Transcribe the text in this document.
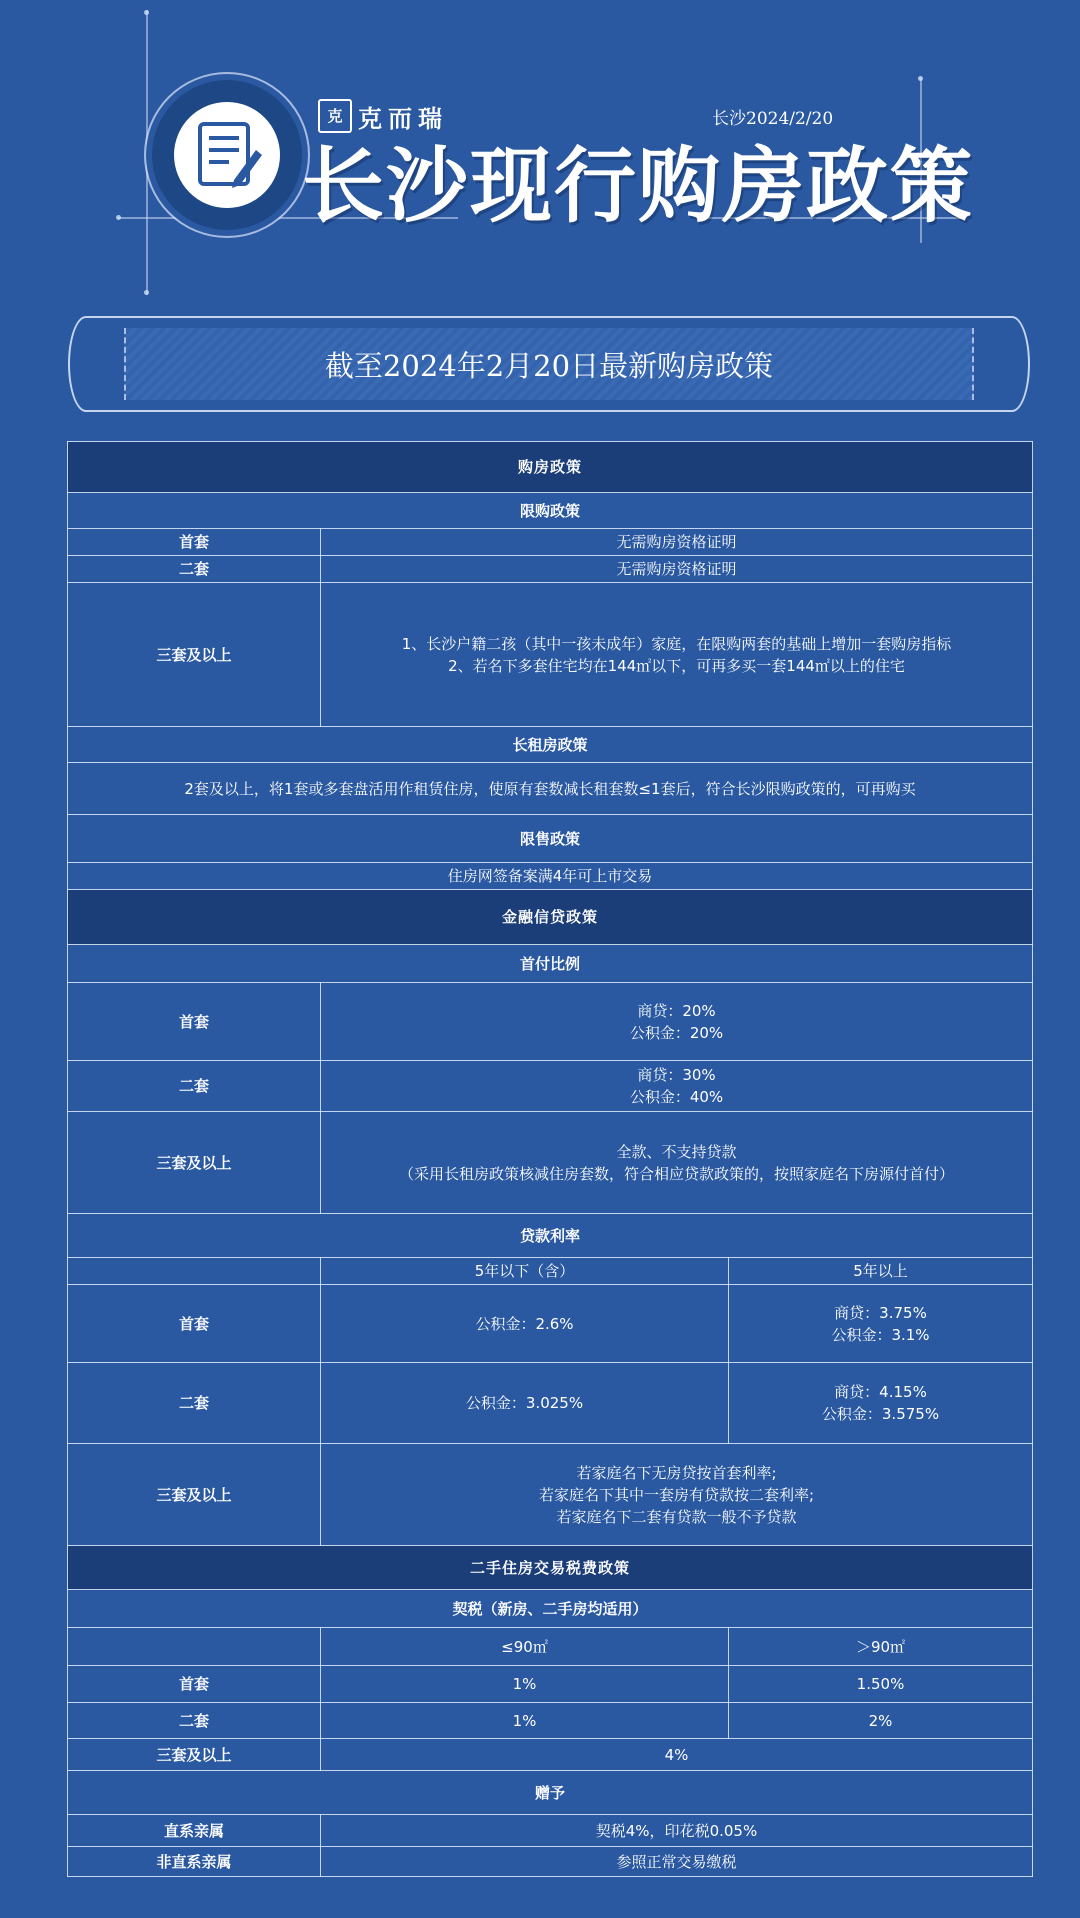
克 克而瑞	长沙2024/2/20
长沙现行购房政策
截至2024年2月20日最新购房政策
购房政策		
限购政策		
首套	无需购房资格证明	
二套	无需购房资格证明	
三套及以上	1、长沙户籍二孩（其中一孩未成年）家庭，在限购两套的基础上增加一套购房指标
2、若名下多套住宅均在144㎡以下，可再多买一套144㎡以上的住宅	

长租房政策		
2套及以上，将1套或多套盘活用作租赁住房，使原有套数减长租套数≤1套后，符合长沙限购政策的，可再购买		
限售政策		
住房网签备案满4年可上市交易		
金融信贷政策		
首付比例		
首套	商贷：20%
公积金：20%	

二套	商贷：30%
公积金：40%	

三套及以上	全款、不支持贷款
（采用长租房政策核减住房套数，符合相应贷款政策的，按照家庭名下房源付首付）	

贷款利率		
	5年以下（含）	5年以上
首套	公积金：2.6%	商贷：3.75%
公积金：3.1%

二套	公积金：3.025%	商贷：4.15%
公积金：3.575%

三套及以上	若家庭名下无房贷按首套利率;
若家庭名下其中一套房有贷款按二套利率;
若家庭名下二套有贷款一般不予贷款	

二手住房交易税费政策		
契税（新房、二手房均适用）		
	≤90㎡	＞90㎡
首套	1%	1.50%
二套	1%	2%
三套及以上	4%	
赠予		
直系亲属	契税4%，印花税0.05%	
非直系亲属	参照正常交易缴税	
